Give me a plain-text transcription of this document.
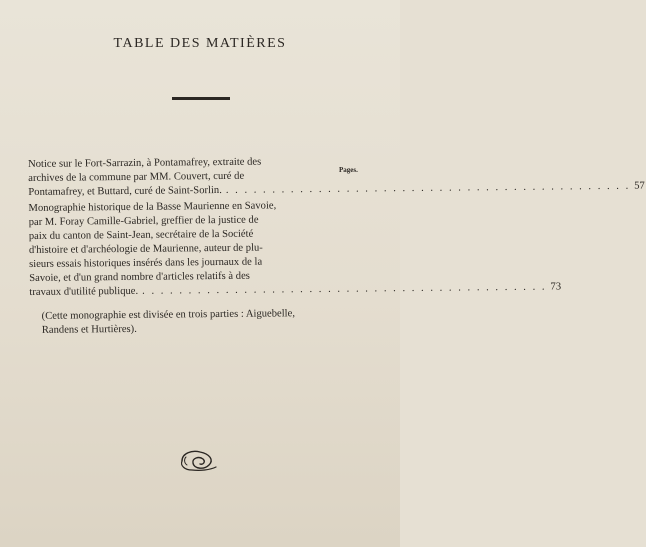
TABLE DES MATIÈRES
Pages.
Notice sur le Fort-Sarrazin, à Pontamafrey, extraite des
archives de la commune par MM. Couvert, curé de
Pontamafrey, et Buttard, curé de Saint-Sorlin. . . . . . . . . . . . . . . . . . . . . . . . . . . . . . . . . . . . . . . . . . . . . 57
Monographie historique de la Basse Maurienne en Savoie,
par M. Foray Camille-Gabriel, greffier de la justice de
paix du canton de Saint-Jean, secrétaire de la Société
d'histoire et d'archéologie de Maurienne, auteur de plu-
sieurs essais historiques insérés dans les journaux de la
Savoie, et d'un grand nombre d'articles relatifs à des
travaux d'utilité publique. . . . . . . . . . . . . . . . . . . . . . . . . . . . . . . . . . . . . . . . . . . . . 73
(Cette monographie est divisée en trois parties : Aiguebelle,
Randens et Hurtières).
